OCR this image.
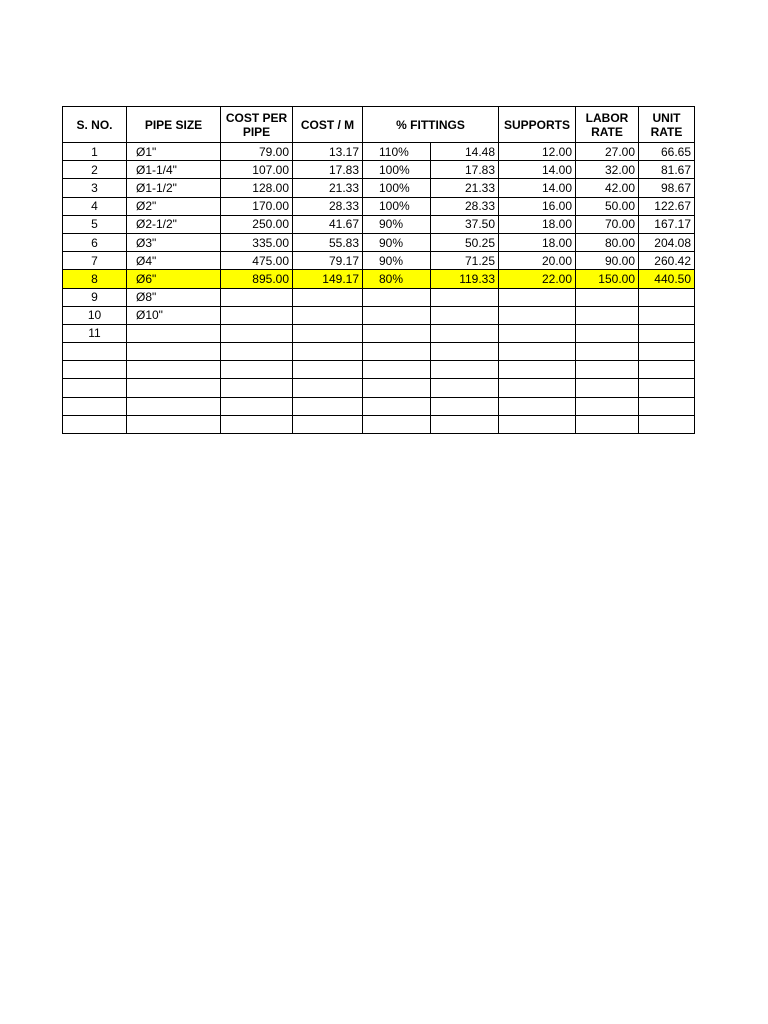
S. NO.	PIPE SIZE	COST PER PIPE	COST / M	% FITTINGS		SUPPORTS	LABOR RATE	UNIT RATE
1	Ø1"	79.00	13.17	110%	14.48	12.00	27.00	66.65
2	Ø1-1/4"	107.00	17.83	100%	17.83	14.00	32.00	81.67
3	Ø1-1/2"	128.00	21.33	100%	21.33	14.00	42.00	98.67
4	Ø2"	170.00	28.33	100%	28.33	16.00	50.00	122.67
5	Ø2-1/2"	250.00	41.67	90%	37.50	18.00	70.00	167.17
6	Ø3"	335.00	55.83	90%	50.25	18.00	80.00	204.08
7	Ø4"	475.00	79.17	90%	71.25	20.00	90.00	260.42
8	Ø6"	895.00	149.17	80%	119.33	22.00	150.00	440.50
9	Ø8"							
10	Ø10"							
11								
